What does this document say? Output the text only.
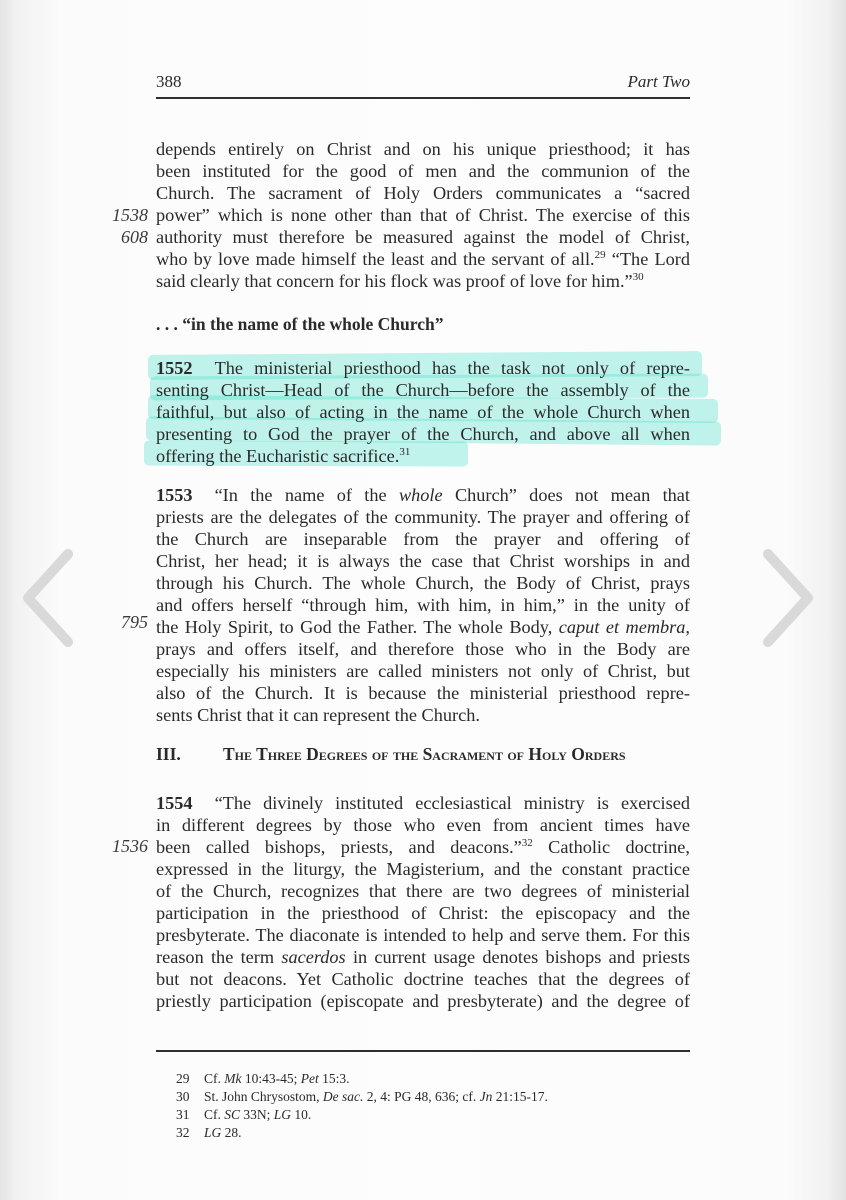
388	Part Two
1538
608
795
1536
depends entirely on Christ and on his unique priesthood; it has
been instituted for the good of men and the communion of the
Church. The sacrament of Holy Orders communicates a “sacred
power” which is none other than that of Christ. The exercise of this
authority must therefore be measured against the model of Christ,
who by love made himself the least and the servant of all.$^{29}$ “The Lord
said clearly that concern for his flock was proof of love for him.”$^{30}$
. . . “in the name of the whole Church”
1552 The ministerial priesthood has the task not only of repre-
senting Christ—Head of the Church—before the assembly of the
faithful, but also of acting in the name of the whole Church when
presenting to God the prayer of the Church, and above all when
offering the Eucharistic sacrifice.$^{31}$
1553 “In the name of the whole Church” does not mean that
priests are the delegates of the community. The prayer and offering of
the Church are inseparable from the prayer and offering of
Christ, her head; it is always the case that Christ worships in and
through his Church. The whole Church, the Body of Christ, prays
and offers herself “through him, with him, in him,” in the unity of
the Holy Spirit, to God the Father. The whole Body, caput et membra,
prays and offers itself, and therefore those who in the Body are
especially his ministers are called ministers not only of Christ, but
also of the Church. It is because the ministerial priesthood repre-
sents Christ that it can represent the Church.
III. The Three Degrees of the Sacrament of Holy Orders
1554 “The divinely instituted ecclesiastical ministry is exercised
in different degrees by those who even from ancient times have
been called bishops, priests, and deacons.”$^{32}$ Catholic doctrine,
expressed in the liturgy, the Magisterium, and the constant practice
of the Church, recognizes that there are two degrees of ministerial
participation in the priesthood of Christ: the episcopacy and the
presbyterate. The diaconate is intended to help and serve them. For this
reason the term sacerdos in current usage denotes bishops and priests
but not deacons. Yet Catholic doctrine teaches that the degrees of
priestly participation (episcopate and presbyterate) and the degree of
29 Cf. Mk 10:43-45; Pet 15:3.
30 St. John Chrysostom, De sac. 2, 4: PG 48, 636; cf. Jn 21:15-17.
31 Cf. SC 33N; LG 10.
32 LG 28.
